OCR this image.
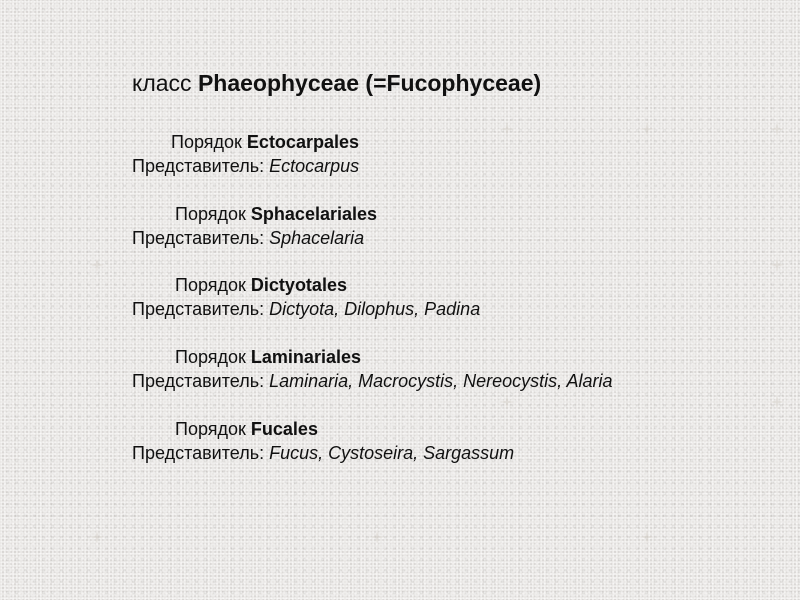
класс Phaeophyceae (=Fucophyceae)
Порядок Ectocarpales
Представитель: Ectocarpus
Порядок Sphacelariales
Представитель: Sphacelaria
Порядок Dictyotales
Представитель: Dictyota, Dilophus, Padina
Порядок Laminariales
Представитель: Laminaria, Macrocystis, Nereocystis, Alaria
Порядок Fucales
Представитель: Fucus, Cystoseira, Sargassum
